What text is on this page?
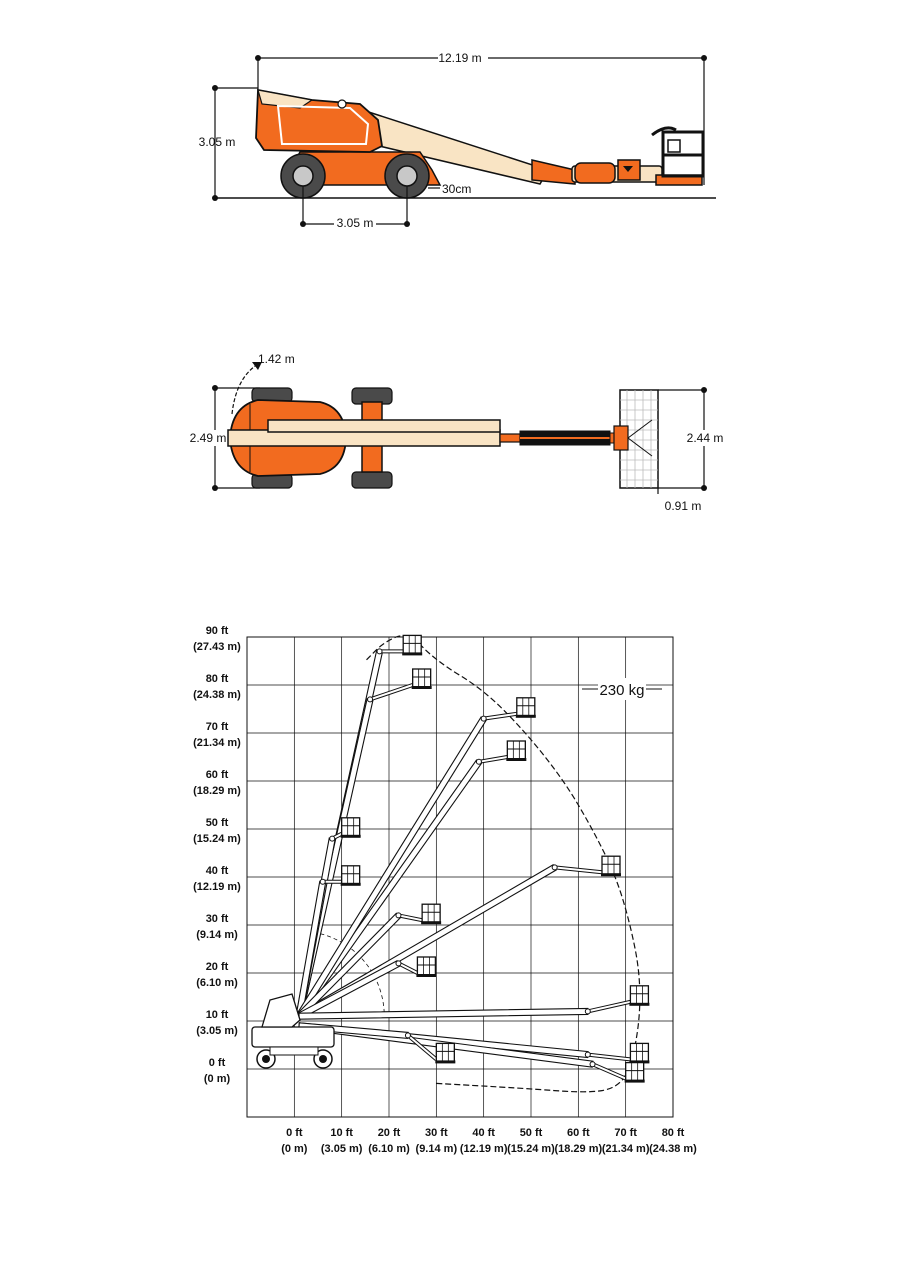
12.19 m
3.05 m
3.05 m
30cm
1.42 m
2.49 m	2.44 m
0.91 m
0 ft
(0 m)
10 ft
(3.05 m)
20 ft
(6.10 m)
30 ft
(9.14 m)
40 ft
(12.19 m)
50 ft
(15.24 m)
60 ft
(18.29 m)
70 ft
(21.34 m)
80 ft
(24.38 m)
90 ft
(27.43 m)
0 ft
(0 m)
10 ft
(3.05 m)
20 ft
(6.10 m)
30 ft
(9.14 m)
40 ft
(12.19 m)
50 ft
(15.24 m)
60 ft
(18.29 m)
70 ft
(21.34 m)
80 ft
(24.38 m)
230 kg
